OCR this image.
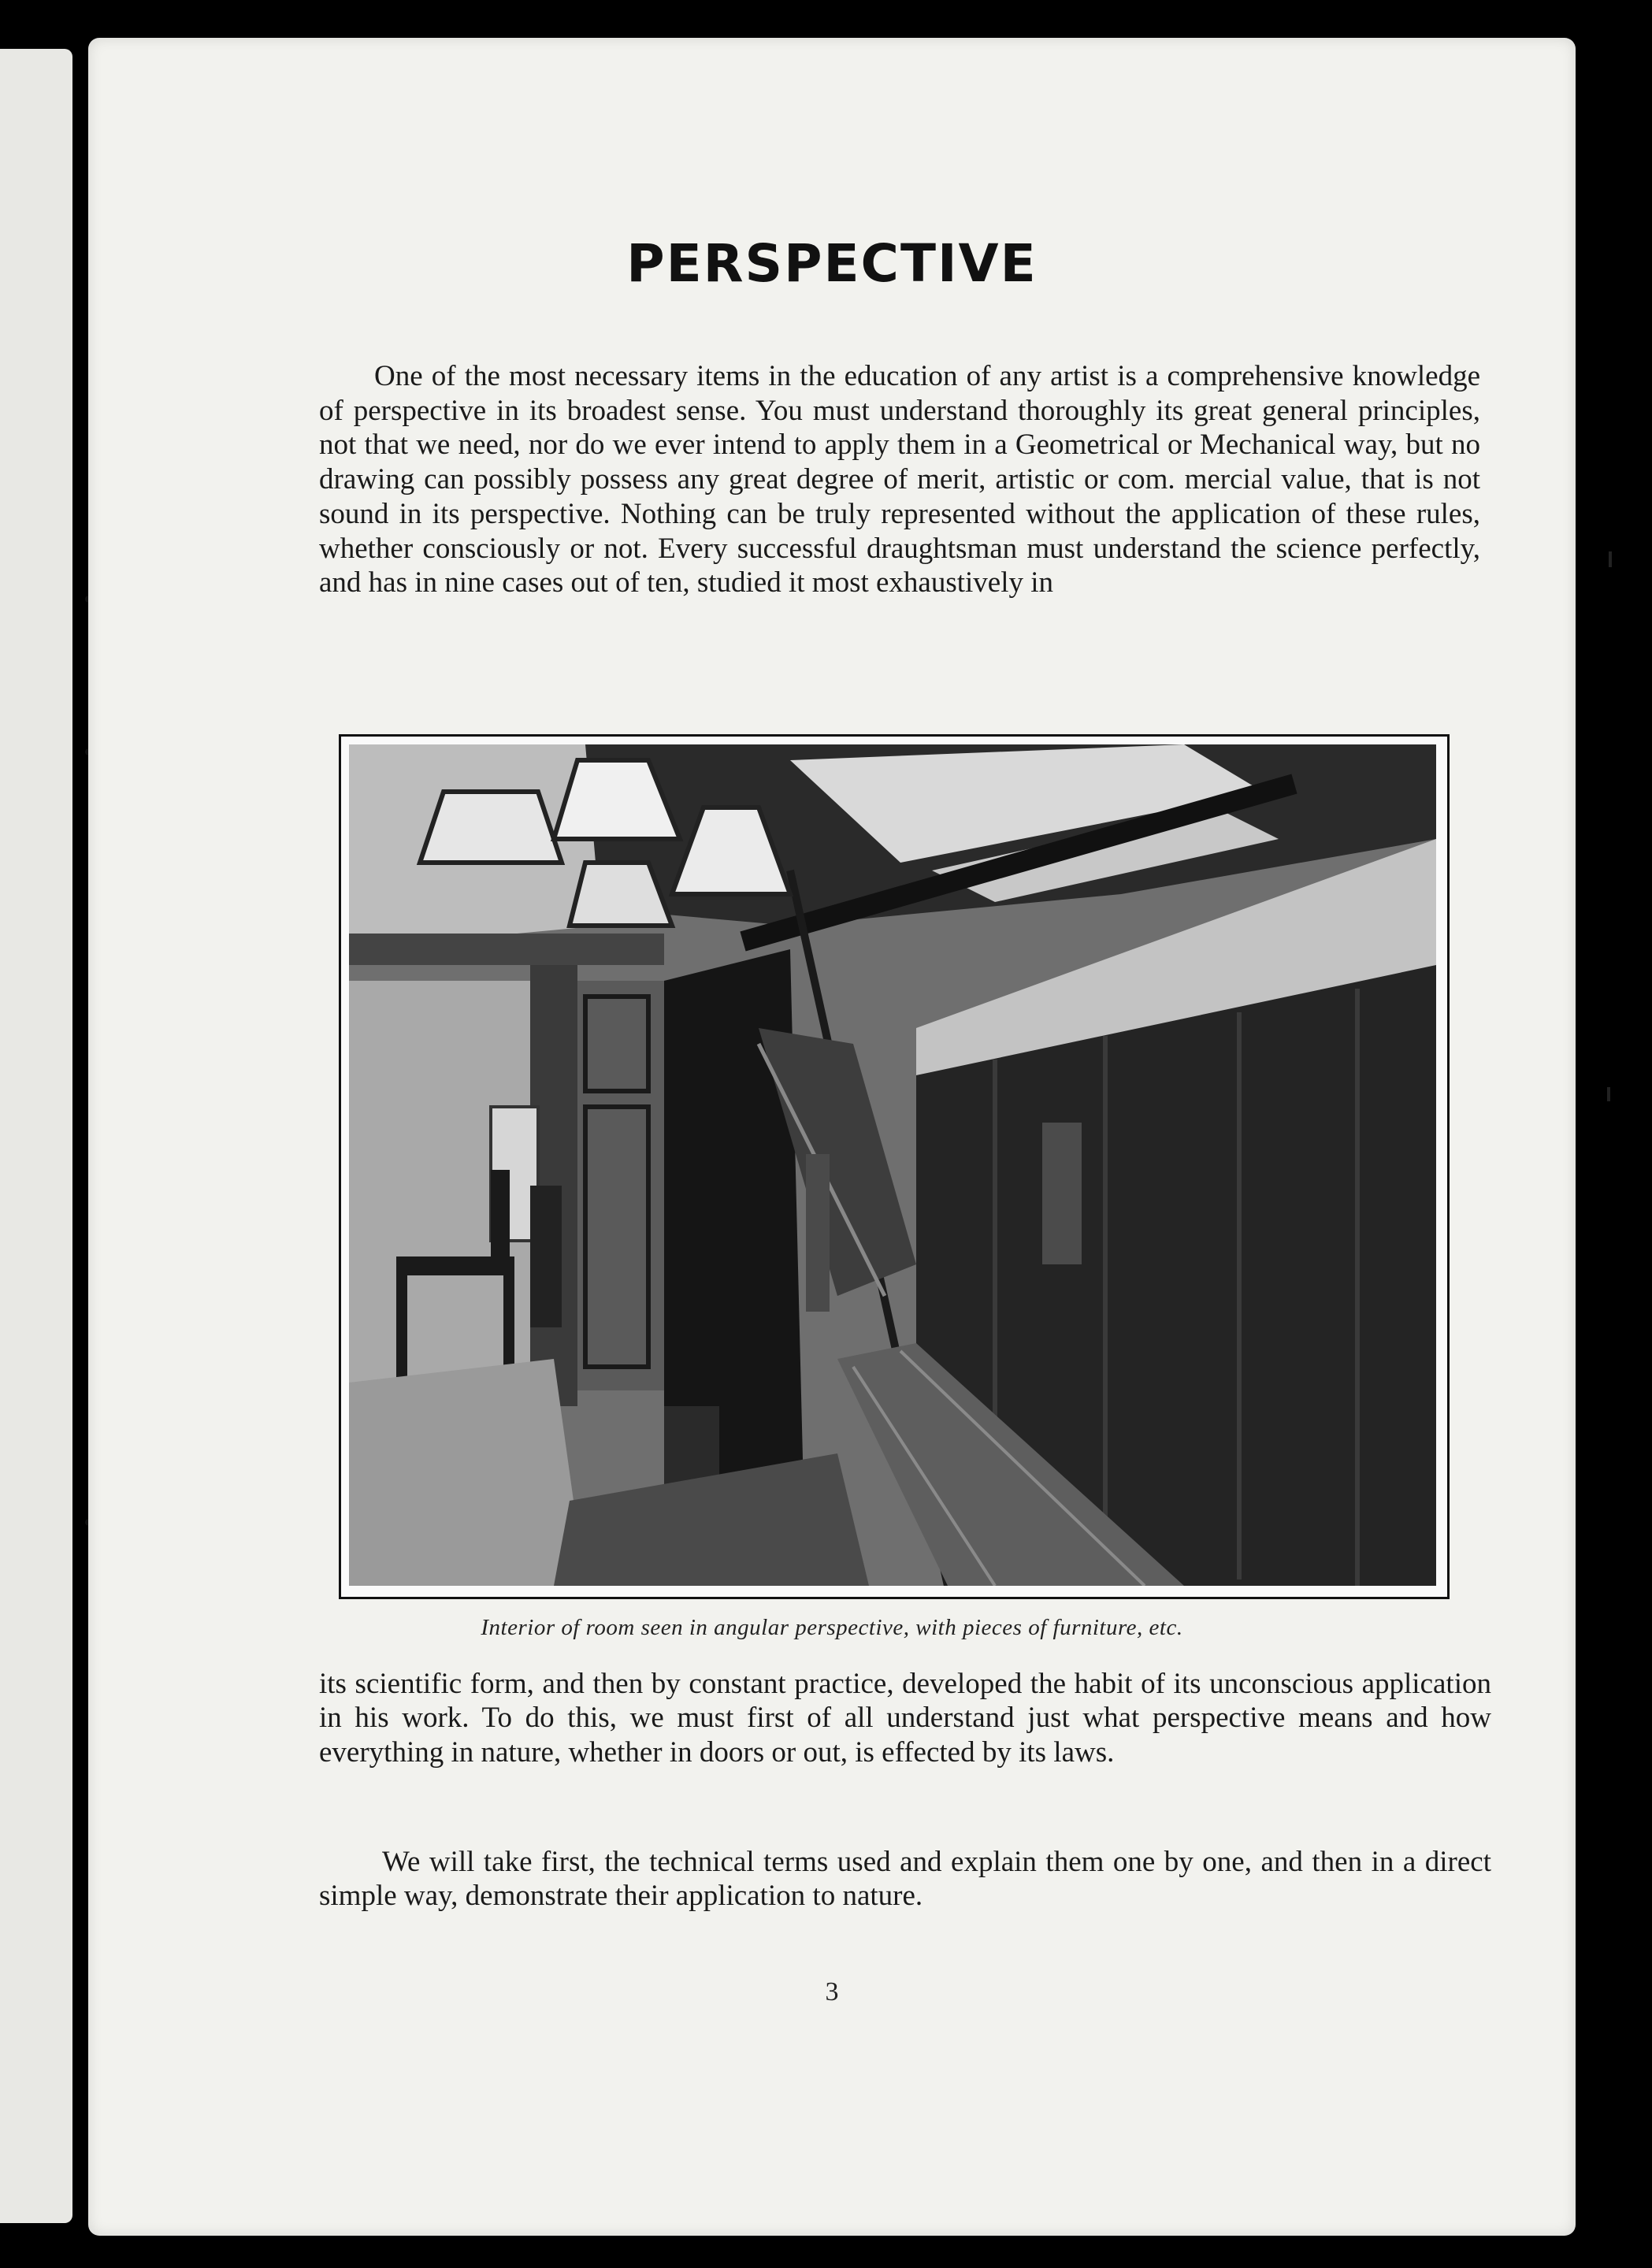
PERSPECTIVE
One of the most necessary items in the education of any artist is a comprehensive knowledge of perspective in its broadest sense. You must understand thoroughly its great general principles, not that we need, nor do we ever intend to apply them in a Geometrical or Mechanical way, but no drawing can possibly possess any great degree of merit, artistic or com. mercial value, that is not sound in its perspective. Nothing can be truly represented without the application of these rules, whether consciously or not. Every successful draughtsman must understand the science perfectly, and has in nine cases out of ten, studied it most exhaustively in
Interior of room seen in angular perspective, with pieces of furniture, etc.
its scientific form, and then by constant practice, developed the habit of its unconscious application in his work. To do this, we must first of all understand just what perspective means and how everything in nature, whether in doors or out, is effected by its laws.
We will take first, the technical terms used and explain them one by one, and then in a direct simple way, demonstrate their application to nature.
3
